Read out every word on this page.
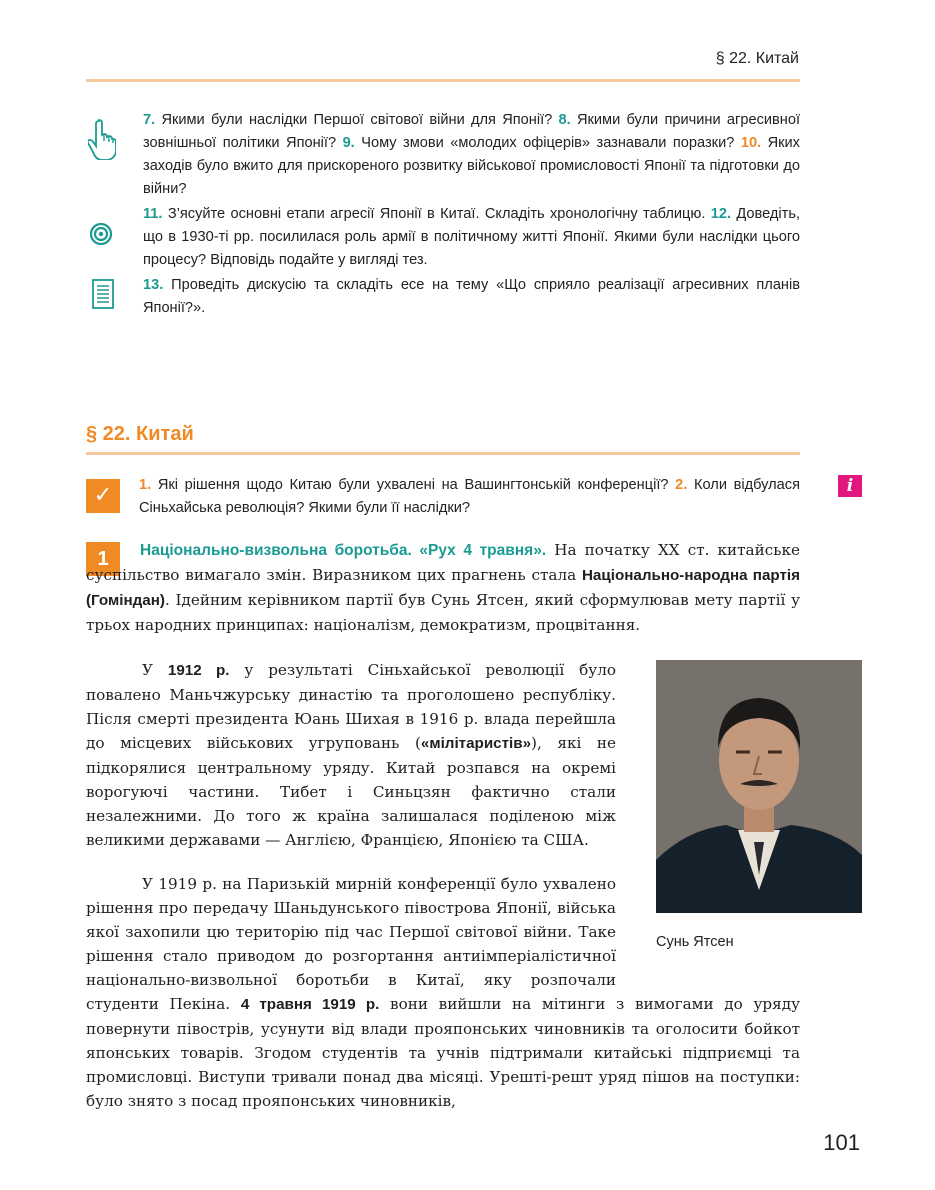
§ 22. Китай
7. Якими були наслідки Першої світової війни для Японії? 8. Якими були причини агресивної зовнішньої політики Японії? 9. Чому змови «молодих офіцерів» зазнавали поразки? 10. Яких заходів було вжито для прискореного розвитку військової промисловості Японії та підготовки до війни?
11. З’ясуйте основні етапи агресії Японії в Китаї. Складіть хронологічну таблицю. 12. Доведіть, що в 1930-ті рр. посилилася роль армії в політичному житті Японії. Якими були наслідки цього процесу? Відповідь подайте у вигляді тез.
13. Проведіть дискусію та складіть есе на тему «Що сприяло реалізації агресивних планів Японії?».
§ 22. Китай
i
✓	1. Які рішення щодо Китаю були ухвалені на Вашингтонській конференції? 2. Коли відбулася Сіньхайська революція? Якими були її наслідки?
1	Національно-визвольна боротьба. «Рух 4 травня». На початку XX ст. китайське суспільство вимагало змін. Виразником цих прагнень стала Національно-народна партія (Гоміндан). Ідейним керівником партії був Сунь Ятсен, який сформулював мету партії у трьох народних принципах: націоналізм, демократизм, процвітання.

У 1912 р. у результаті Сіньхайської революції було повалено Маньчжурську династію та проголошено республіку. Після смерті президента Юань Шихая в 1916 р. влада перейшла до місцевих військових угруповань («мілітаристів»), які не підкорялися центральному уряду. Китай розпався на окремі ворогуючі частини. Тибет і Синьцзян фактично стали незалежними. До того ж країна залишалася поділеною між великими державами — Англією, Францією, Японією та США.

У 1919 р. на Паризькій мирній конференції було ухвалено рішення про передачу Шаньдунського півострова Японії, війська якої захопили цю територію під час Першої світової війни. Таке рішення стало приводом до розгортання антиімперіалістичної національно-визвольної боротьби в Китаї, яку розпочали студенти Пекіна. 4 травня 1919 р. вони вийшли на мітинги з вимогами до уряду повернути півострів, усунути від влади прояпонських чиновників та оголосити бойкот японських товарів. Згодом студентів та учнів підтримали китайські підприємці та промисловці. Виступи тривали понад два місяці. Урешті-решт уряд пішов на поступки: було знято з посад прояпонських чиновників,

Сунь Ятсен
101
